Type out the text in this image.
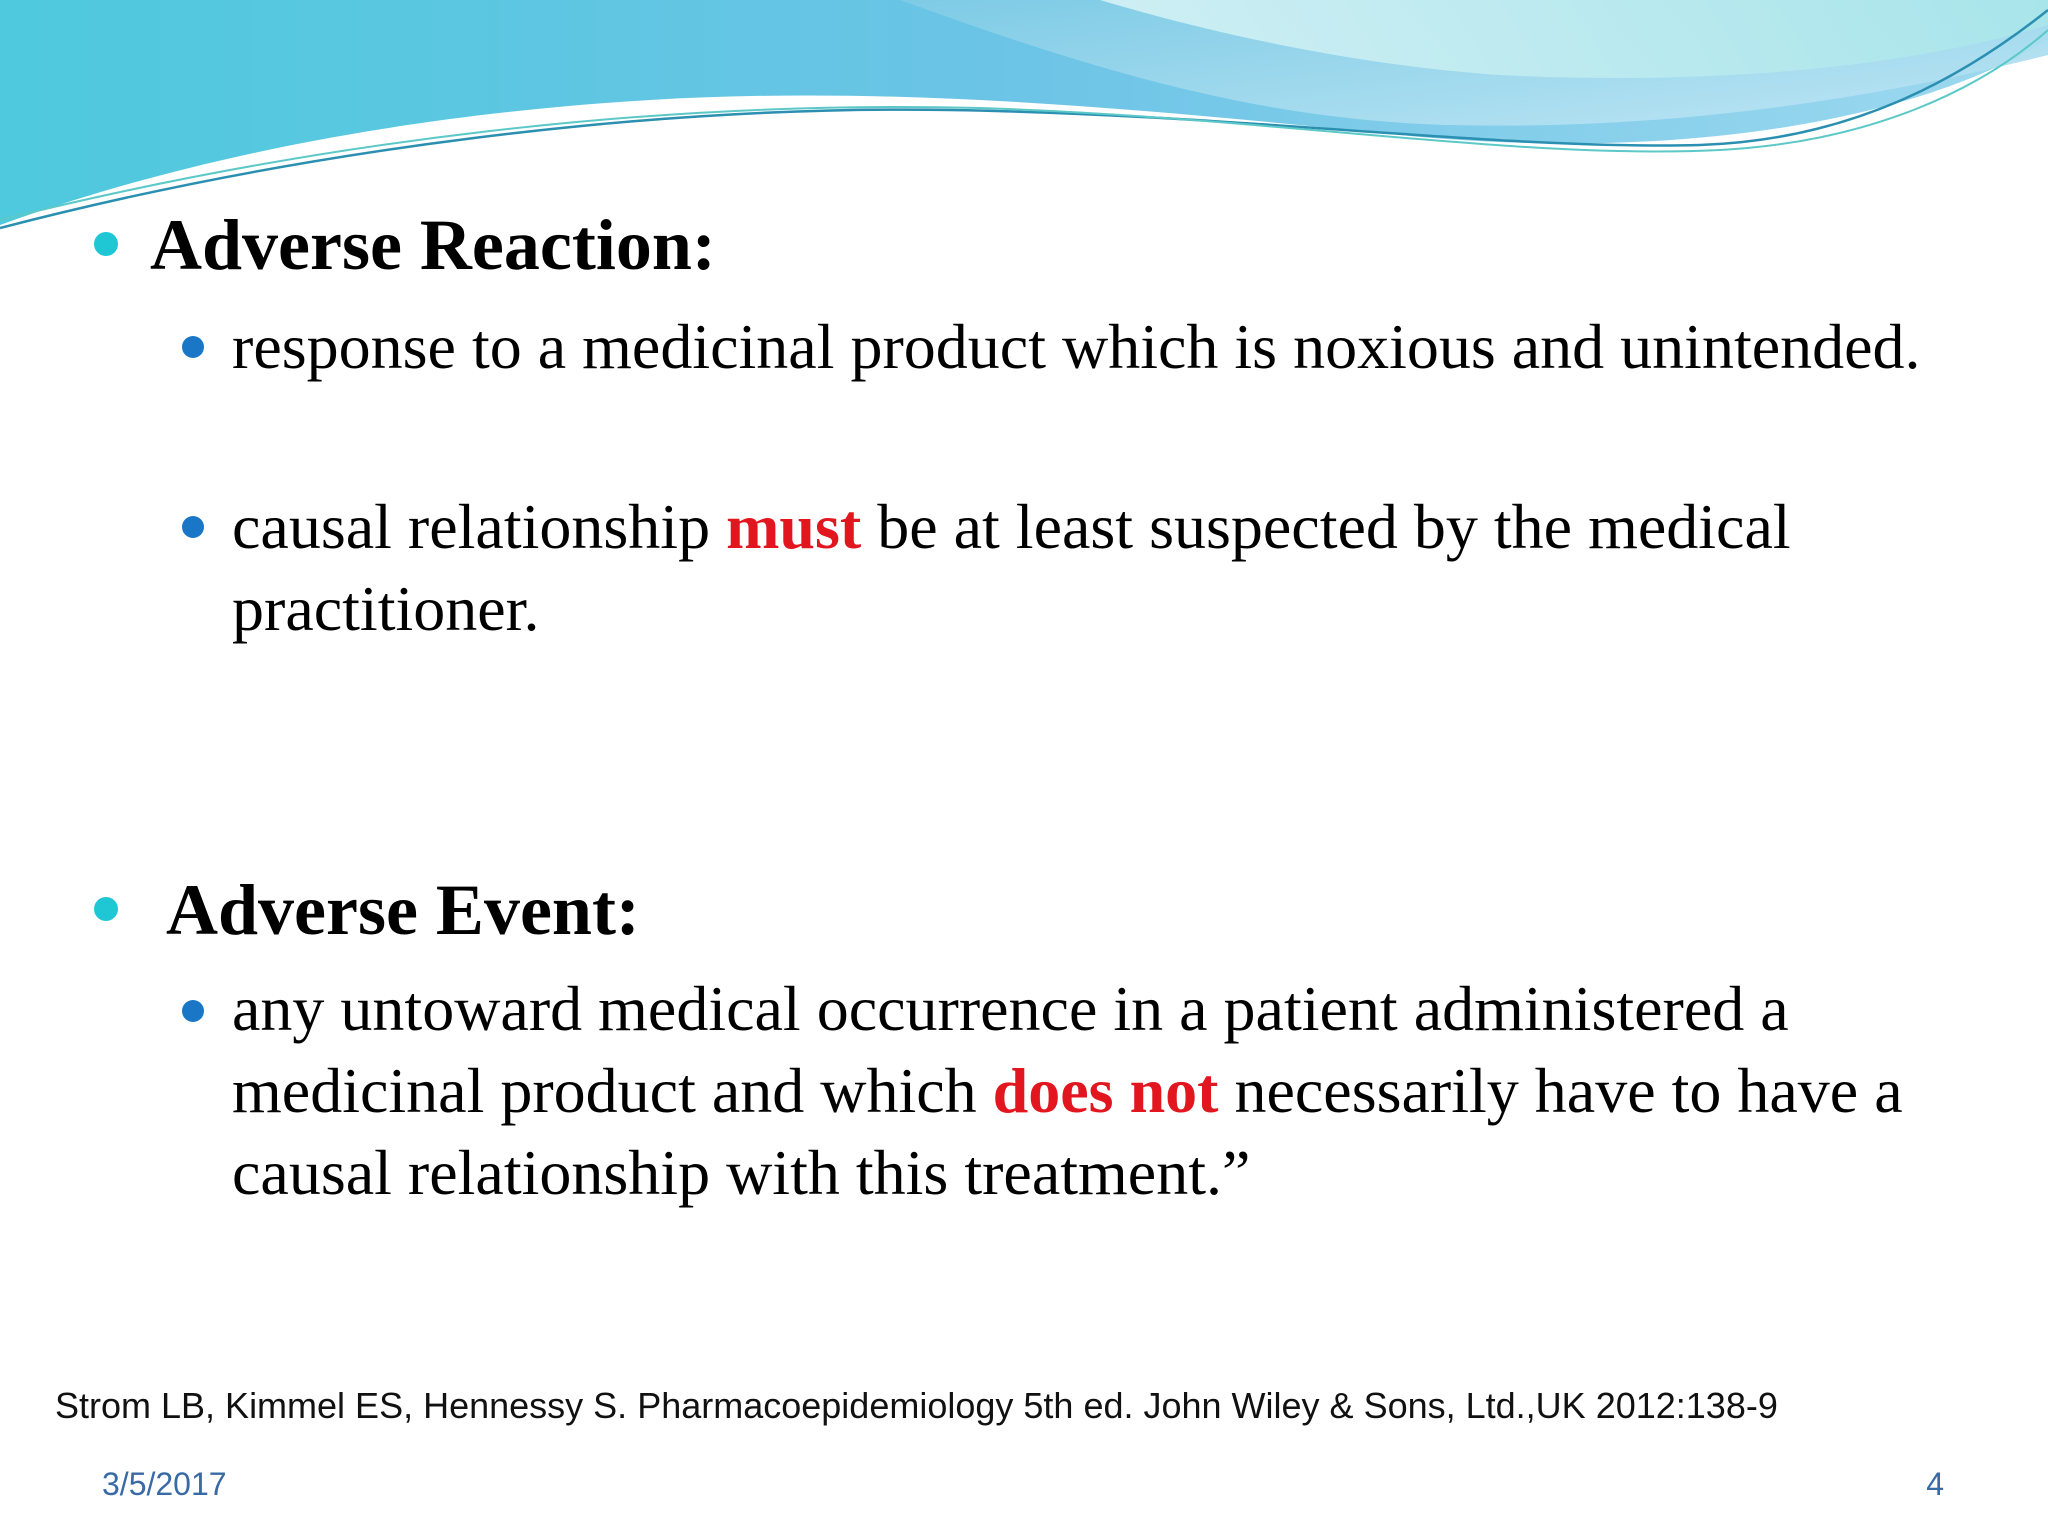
Adverse Reaction:
response to a medicinal product which is noxious and unintended.
causal relationship must be at least suspected by the medical practitioner.
Adverse Event:
any untoward medical occurrence in a patient administered a medicinal product and which does not necessarily have to have a causal relationship with this treatment.”
Strom LB, Kimmel ES, Hennessy S. Pharmacoepidemiology 5th ed. John Wiley & Sons, Ltd.,UK 2012:138-9
3/5/2017	4
